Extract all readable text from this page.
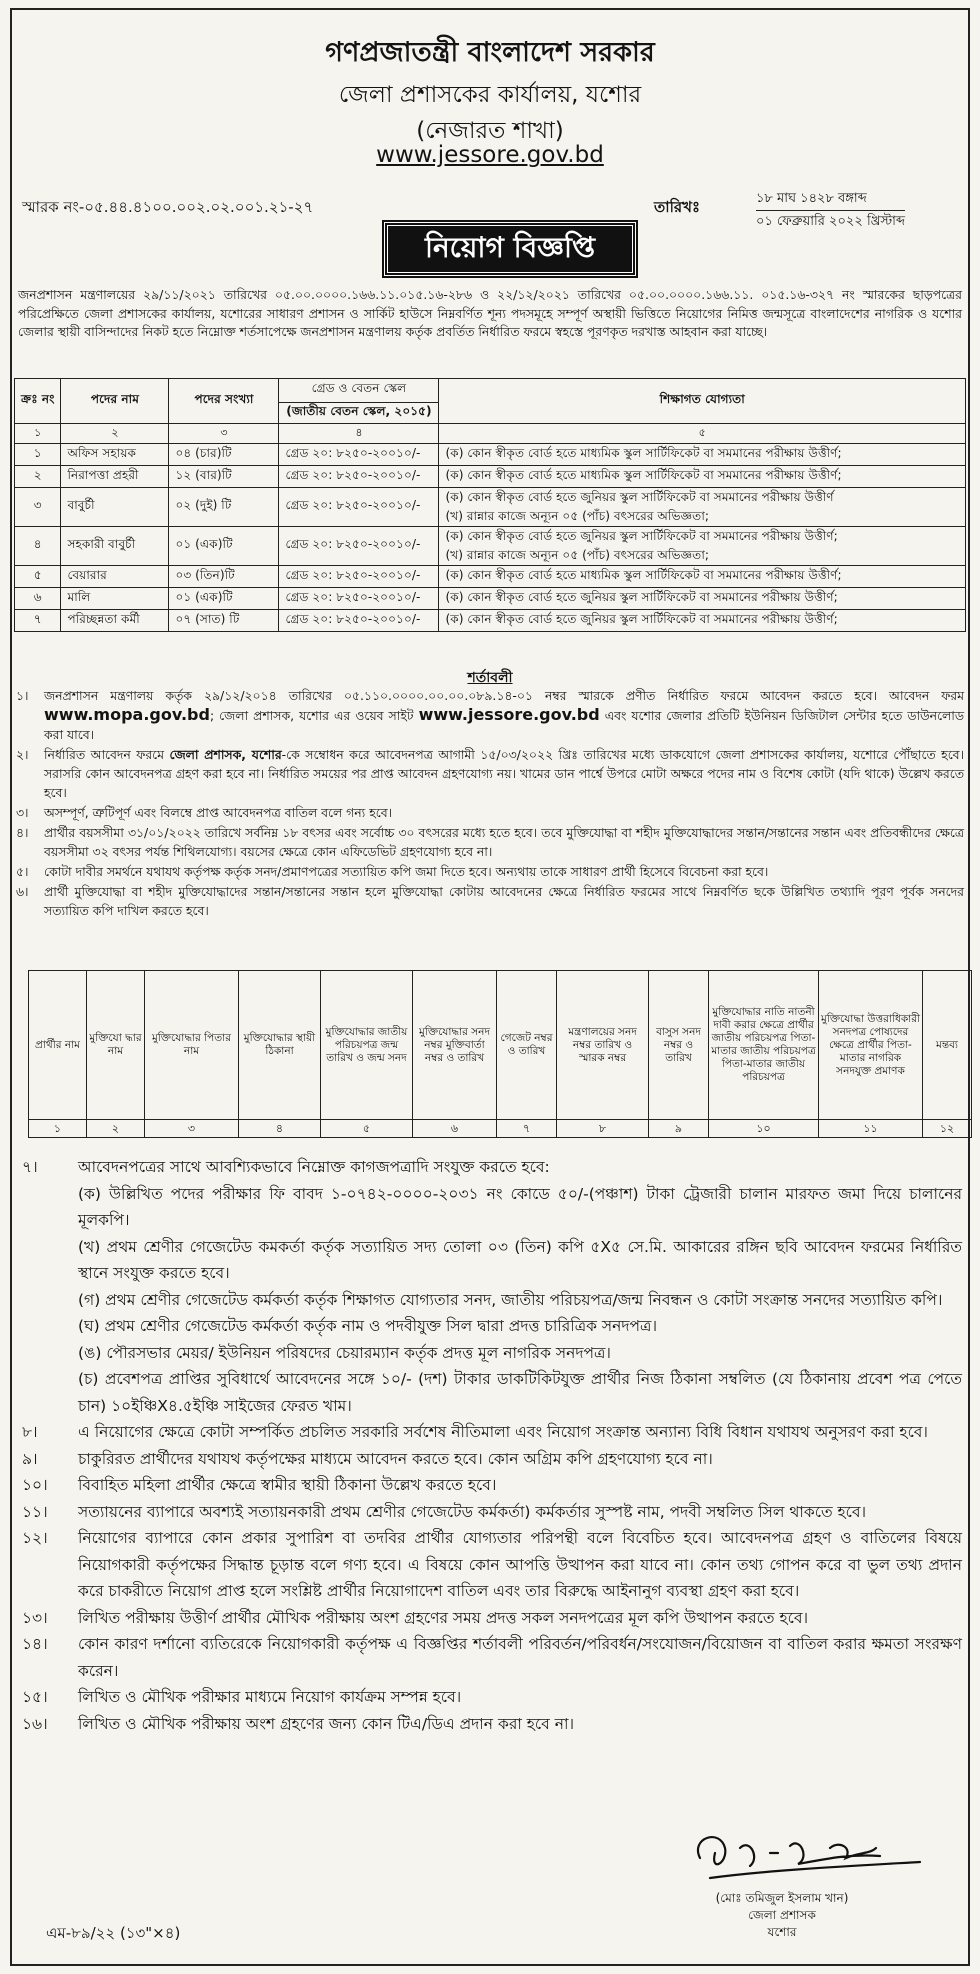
গণপ্রজাতন্ত্রী বাংলাদেশ সরকার
জেলা প্রশাসকের কার্যালয়, যশোর
(নেজারত শাখা)
www.jessore.gov.bd
স্মারক নং-০৫.৪৪.৪১০০.০০২.০২.০০১.২১-২৭	তারিখঃ	১৮ মাঘ ১৪২৮ বঙ্গাব্দ
০১ ফেব্রুয়ারি ২০২২ খ্রিস্টাব্দ
নিয়োগ বিজ্ঞপ্তি
জনপ্রশাসন মন্ত্রণালয়ের ২৯/১১/২০২১ তারিখের ০৫.০০.০০০০.১৬৬.১১.০১৫.১৬-২৮৬ ও ২২/১২/২০২১ তারিখের ০৫.০০.০০০০.১৬৬.১১. ০১৫.১৬-৩২৭ নং স্মারকের ছাড়পত্রের পরিপ্রেক্ষিতে জেলা প্রশাসকের কার্যালয়, যশোরের সাধারণ প্রশাসন ও সার্কিট হাউসে নিম্নবর্ণিত শূন্য পদসমূহে সম্পূর্ণ অস্থায়ী ভিত্তিতে নিয়োগের নিমিত্ত জন্মসূত্রে বাংলাদেশের নাগরিক ও যশোর জেলার স্থায়ী বাসিন্দাদের নিকট হতে নিম্নোক্ত শর্তসাপেক্ষে জনপ্রশাসন মন্ত্রণালয় কর্তৃক প্রবর্তিত নির্ধারিত ফরমে স্বহস্তে পূরণকৃত দরখাস্ত আহবান করা যাচ্ছে।
ক্রঃ নং	পদের নাম	পদের সংখ্যা	গ্রেড ও বেতন স্কেল
(জাতীয় বেতন স্কেল, ২০১৫)	শিক্ষাগত যোগ্যতা
১	২	৩	৪	৫
১	অফিস সহায়ক	০৪ (চার)টি	গ্রেড ২০: ৮২৫০-২০০১০/-	(ক) কোন স্বীকৃত বোর্ড হতে মাধ্যমিক স্কুল সার্টিফিকেট বা সমমানের পরীক্ষায় উত্তীর্ণ;
২	নিরাপত্তা প্রহরী	১২ (বার)টি	গ্রেড ২০: ৮২৫০-২০০১০/-	(ক) কোন স্বীকৃত বোর্ড হতে মাধ্যমিক স্কুল সার্টিফিকেট বা সমমানের পরীক্ষায় উত্তীর্ণ;
৩	বাবুর্চী	০২ (দুই) টি	গ্রেড ২০: ৮২৫০-২০০১০/-	(ক) কোন স্বীকৃত বোর্ড হতে জুনিয়র স্কুল সার্টিফিকেট বা সমমানের পরীক্ষায় উত্তীর্ণ
(খ) রান্নার কাজে অন্যূন ০৫ (পাঁচ) বৎসরের অভিজ্ঞতা;

৪	সহকারী বাবুর্চী	০১ (এক)টি	গ্রেড ২০: ৮২৫০-২০০১০/-	(ক) কোন স্বীকৃত বোর্ড হতে জুনিয়র স্কুল সার্টিফিকেট বা সমমানের পরীক্ষায় উত্তীর্ণ;
(খ) রান্নার কাজে অন্যূন ০৫ (পাঁচ) বৎসরের অভিজ্ঞতা;

৫	বেয়ারার	০৩ (তিন)টি	গ্রেড ২০: ৮২৫০-২০০১০/-	(ক) কোন স্বীকৃত বোর্ড হতে মাধ্যমিক স্কুল সার্টিফিকেট বা সমমানের পরীক্ষায় উত্তীর্ণ;
৬	মালি	০১ (এক)টি	গ্রেড ২০: ৮২৫০-২০০১০/-	(ক) কোন স্বীকৃত বোর্ড হতে জুনিয়র স্কুল সার্টিফিকেট বা সমমানের পরীক্ষায় উত্তীর্ণ;
৭	পরিচ্ছন্নতা কর্মী	০৭ (সাত) টি	গ্রেড ২০: ৮২৫০-২০০১০/-	(ক) কোন স্বীকৃত বোর্ড হতে জুনিয়র স্কুল সার্টিফিকেট বা সমমানের পরীক্ষায় উত্তীর্ণ;
শর্তাবলী
১।	জনপ্রশাসন মন্ত্রণালয় কর্তৃক ২৯/১২/২০১৪ তারিখের ০৫.১১০.০০০০.০০.০০.০৮৯.১৪-০১ নম্বর স্মারকে প্রণীত নির্ধারিত ফরমে আবেদন করতে হবে। আবেদন ফরম www.mopa.gov.bd; জেলা প্রশাসক, যশোর এর ওয়েব সাইট www.jessore.gov.bd এবং যশোর জেলার প্রতিটি ইউনিয়ন ডিজিটাল সেন্টার হতে ডাউনলোড করা যাবে।
২।	নির্ধারিত আবেদন ফরমে জেলা প্রশাসক, যশোর-কে সম্বোধন করে আবেদনপত্র আগামী ১৫/০৩/২০২২ খ্রিঃ তারিখের মধ্যে ডাকযোগে জেলা প্রশাসকের কার্যালয়, যশোরে পৌঁছাতে হবে। সরাসরি কোন আবেদনপত্র গ্রহণ করা হবে না। নির্ধারিত সময়ের পর প্রাপ্ত আবেদন গ্রহণযোগ্য নয়। খামের ডান পার্শ্বে উপরে মোটা অক্ষরে পদের নাম ও বিশেষ কোটা (যদি থাকে) উল্লেখ করতে হবে।
৩।	অসম্পূর্ণ, ত্রুটিপূর্ণ এবং বিলম্বে প্রাপ্ত আবেদনপত্র বাতিল বলে গন্য হবে।
৪।	প্রার্থীর বয়সসীমা ৩১/০১/২০২২ তারিখে সর্বনিম্ন ১৮ বৎসর এবং সর্বোচ্চ ৩০ বৎসরের মধ্যে হতে হবে। তবে মুক্তিযোদ্ধা বা শহীদ মুক্তিযোদ্ধাদের সন্তান/সন্তানের সন্তান এবং প্রতিবন্ধীদের ক্ষেত্রে বয়সসীমা ৩২ বৎসর পর্যন্ত শিথিলযোগ্য। বয়সের ক্ষেত্রে কোন এফিডেভিট গ্রহণযোগ্য হবে না।
৫।	কোটা দাবীর সমর্থনে যথাযথ কর্তৃপক্ষ কর্তৃক সনদ/প্রমাণপত্রের সত্যায়িত কপি জমা দিতে হবে। অন্যথায় তাকে সাধারণ প্রার্থী হিসেবে বিবেচনা করা হবে।
৬।	প্রার্থী মুক্তিযোদ্ধা বা শহীদ মুক্তিযোদ্ধাদের সন্তান/সন্তানের সন্তান হলে মুক্তিযোদ্ধা কোটায় আবেদনের ক্ষেত্রে নির্ধারিত ফরমের সাথে নিম্নবর্ণিত ছকে উল্লিখিত তথ্যাদি পূরণ পূর্বক সনদের সত্যায়িত কপি দাখিল করতে হবে।
প্রার্থীর নাম	মুক্তিযো দ্ধার নাম	মুক্তিযোদ্ধার পিতার নাম	মুক্তিযোদ্ধার স্থায়ী ঠিকানা	মুক্তিযোদ্ধার জাতীয় পরিচয়পত্র জন্ম তারিখ ও জন্ম সনদ	মুক্তিযোদ্ধার সনদ নম্বর মুক্তিবার্তা নম্বর ও তারিখ	গেজেট নম্বর ও তারিখ	মন্ত্রণালয়ের সনদ নম্বর তারিখ ও স্মারক নম্বর	বাসুস সনদ নম্বর ও তারিখ	মুক্তিযোদ্ধার নাতি নাতনী দাবী করার ক্ষেত্রে প্রার্থীর জাতীয় পরিচয়পত্র পিতা-মাতার জাতীয় পরিচয়পত্র পিতা-মাতার জাতীয় পরিচয়পত্র	মুক্তিযোদ্ধা উত্তরাধিকারী সনদপত্র পোষ্যদের ক্ষেত্রে প্রার্থীর পিতা-মাতার নাগরিক সনদযুক্ত প্রমাণক	মন্তব্য
১	২	৩	৪	৫	৬	৭	৮	৯	১০	১১	১২
৭।	আবেদনপত্রের সাথে আবশ্যিকভাবে নিম্নোক্ত কাগজপত্রাদি সংযুক্ত করতে হবে:
(ক) উল্লিখিত পদের পরীক্ষার ফি বাবদ ১-০৭৪২-০০০০-২০৩১ নং কোডে ৫০/-(পঞ্চাশ) টাকা ট্রেজারী চালান মারফত জমা দিয়ে চালানের মূলকপি।
(খ) প্রথম শ্রেণীর গেজেটেড কমকর্তা কর্তৃক সত্যায়িত সদ্য তোলা ০৩ (তিন) কপি ৫X৫ সে.মি. আকারের রঙ্গিন ছবি আবেদন ফরমের নির্ধারিত স্থানে সংযুক্ত করতে হবে।
(গ) প্রথম শ্রেণীর গেজেটেড কর্মকর্তা কর্তৃক শিক্ষাগত যোগ্যতার সনদ, জাতীয় পরিচয়পত্র/জন্ম নিবন্ধন ও কোটা সংক্রান্ত সনদের সত্যায়িত কপি।
(ঘ) প্রথম শ্রেণীর গেজেটেড কর্মকর্তা কর্তৃক নাম ও পদবীযুক্ত সিল দ্বারা প্রদত্ত চারিত্রিক সনদপত্র।
(ঙ) পৌরসভার মেয়র/ ইউনিয়ন পরিষদের চেয়ারম্যান কর্তৃক প্রদত্ত মূল নাগরিক সনদপত্র।
(চ) প্রবেশপত্র প্রাপ্তির সুবিধার্থে আবেদনের সঙ্গে ১০/- (দশ) টাকার ডাকটিকিটযুক্ত প্রার্থীর নিজ ঠিকানা সম্বলিত (যে ঠিকানায় প্রবেশ পত্র পেতে চান) ১০ইঞ্চিX৪.৫ইঞ্চি সাইজের ফেরত খাম।
৮।	এ নিয়োগের ক্ষেত্রে কোটা সম্পর্কিত প্রচলিত সরকারি সর্বশেষ নীতিমালা এবং নিয়োগ সংক্রান্ত অন্যান্য বিধি বিধান যথাযথ অনুসরণ করা হবে।
৯।	চাকুরিরত প্রার্থীদের যথাযথ কর্তৃপক্ষের মাধ্যমে আবেদন করতে হবে। কোন অগ্রিম কপি গ্রহণযোগ্য হবে না।
১০।	বিবাহিত মহিলা প্রার্থীর ক্ষেত্রে স্বামীর স্থায়ী ঠিকানা উল্লেখ করতে হবে।
১১।	সত্যায়নের ব্যাপারে অবশ্যই সত্যায়নকারী প্রথম শ্রেণীর গেজেটেড কর্মকর্তা) কর্মকর্তার সুস্পষ্ট নাম, পদবী সম্বলিত সিল থাকতে হবে।
১২।	নিয়োগের ব্যাপারে কোন প্রকার সুপারিশ বা তদবির প্রার্থীর যোগ্যতার পরিপন্থী বলে বিবেচিত হবে। আবেদনপত্র গ্রহণ ও বাতিলের বিষয়ে নিয়োগকারী কর্তৃপক্ষের সিদ্ধান্ত চূড়ান্ত বলে গণ্য হবে। এ বিষয়ে কোন আপত্তি উত্থাপন করা যাবে না। কোন তথ্য গোপন করে বা ভুল তথ্য প্রদান করে চাকরীতে নিয়োগ প্রাপ্ত হলে সংশ্লিষ্ট প্রার্থীর নিয়োগাদেশ বাতিল এবং তার বিরুদ্ধে আইনানুগ ব্যবস্থা গ্রহণ করা হবে।
১৩।	লিখিত পরীক্ষায় উত্তীর্ণ প্রার্থীর মৌখিক পরীক্ষায় অংশ গ্রহণের সময় প্রদত্ত সকল সনদপত্রের মূল কপি উত্থাপন করতে হবে।
১৪।	কোন কারণ দর্শানো ব্যতিরেকে নিয়োগকারী কর্তৃপক্ষ এ বিজ্ঞপ্তির শর্তাবলী পরিবর্তন/পরিবর্ধন/সংযোজন/বিয়োজন বা বাতিল করার ক্ষমতা সংরক্ষণ করেন।
১৫।	লিখিত ও মৌখিক পরীক্ষার মাধ্যমে নিয়োগ কার্যক্রম সম্পন্ন হবে।
১৬।	লিখিত ও মৌখিক পরীক্ষায় অংশ গ্রহণের জন্য কোন টিএ/ডিএ প্রদান করা হবে না।
(মোঃ তমিজুল ইসলাম খান)
জেলা প্রশাসক
যশোর
এম-৮৯/২২ (১৩"×৪)
